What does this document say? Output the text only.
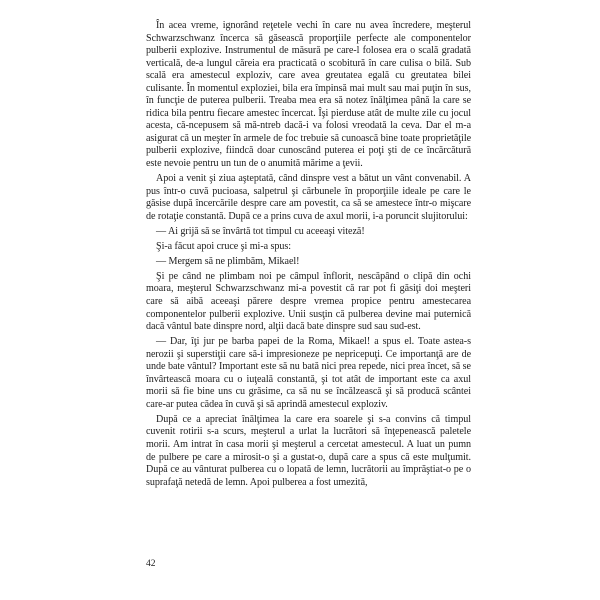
În acea vreme, ignorând reţetele vechi în care nu avea încredere, meşterul Schwarzschwanz încerca să găsească proporţiile perfecte ale componentelor pulberii explozive. Instrumentul de măsură pe care-l folosea era o scală gradată verticală, de-a lungul căreia era practicată o scobitură în care culisa o bilă. Sub scală era amestecul exploziv, care avea greutatea egală cu greutatea bilei culisante. În momentul exploziei, bila era împinsă mai mult sau mai puţin în sus, în funcţie de puterea pulberii. Treaba mea era să notez înălţimea până la care se ridica bila pentru fiecare amestec încercat. Îşi pierduse atât de multe zile cu jocul acesta, că-ncepusem să mă-ntreb dacă-i va folosi vreodată la ceva. Dar el m-a asigurat că un meşter în armele de foc trebuie să cunoască bine toate proprietăţile pulberii explozive, fiindcă doar cunoscând puterea ei poţi şti de ce încărcătură este nevoie pentru un tun de o anumită mărime a ţevii.

Apoi a venit şi ziua aşteptată, când dinspre vest a bătut un vânt convenabil. A pus într-o cuvă pucioasa, salpetrul şi cărbunele în proporţiile ideale pe care le găsise după încercările despre care am povestit, ca să se amestece într-o mişcare de rotaţie constantă. După ce a prins cuva de axul morii, i-a poruncit slujitorului:

— Ai grijă să se învârtă tot timpul cu aceeaşi viteză!

Şi-a făcut apoi cruce şi mi-a spus:

— Mergem să ne plimbăm, Mikael!

Şi pe când ne plimbam noi pe câmpul înflorit, nescăpând o clipă din ochi moara, meşterul Schwarzschwanz mi-a povestit că rar pot fi găsiţi doi meşteri care să aibă aceeaşi părere despre vremea propice pentru amestecarea componentelor pulberii explozive. Unii susţin că pulberea devine mai puternică dacă vântul bate dinspre nord, alţii dacă bate dinspre sud sau sud-est.

— Dar, îţi jur pe barba papei de la Roma, Mikael! a spus el. Toate astea-s nerozii şi superstiţii care să-i impresioneze pe nepricepuţi. Ce importanţă are de unde bate vântul? Important este să nu bată nici prea repede, nici prea încet, să se învârtească moara cu o iuţeală constantă, şi tot atât de important este ca axul morii să fie bine uns cu grăsime, ca să nu se încălzească şi să producă scântei care-ar putea cădea în cuvă şi să aprindă amestecul exploziv.

După ce a apreciat înălţimea la care era soarele şi s-a convins că timpul cuvenit rotirii s-a scurs, meşterul a urlat la lucrători să înţepenească paletele morii. Am intrat în casa morii şi meşterul a cercetat amestecul. A luat un pumn de pulbere pe care a mirosit-o şi a gustat-o, după care a spus că este mulţumit. După ce au vânturat pulberea cu o lopată de lemn, lucrătorii au împrăştiat-o pe o suprafaţă netedă de lemn. Apoi pulberea a fost umezită,

42
